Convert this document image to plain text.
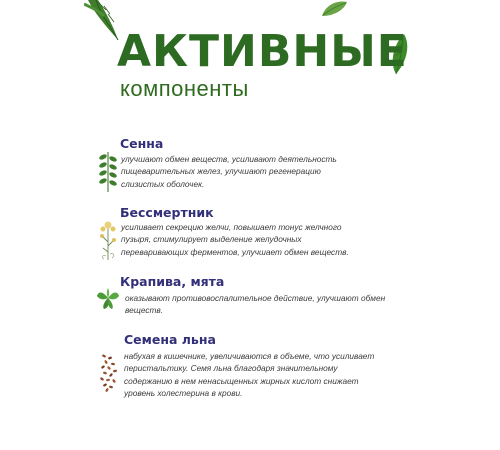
АКТИВНЫЕ
компоненты
Сенна
улучшают обмен веществ, усиливают деятельность
пищеварительных желез, улучшают регенерацию
слизистых оболочек.
Бессмертник
усиливает секрецию желчи, повышает тонус желчного
пузыря, стимулирует выделение желудочных
переваривающих ферментов, улучшает обмен веществ.
Крапива, мята
оказывают противовоспалительное действие, улучшают обмен
веществ.
Семена льна
набухая в кишечнике, увеличиваются в объеме, что усиливает
перистальтику. Семя льна благодаря значительному
содержанию в нем ненасыщенных жирных кислот снижает
уровень холестерина в крови.
